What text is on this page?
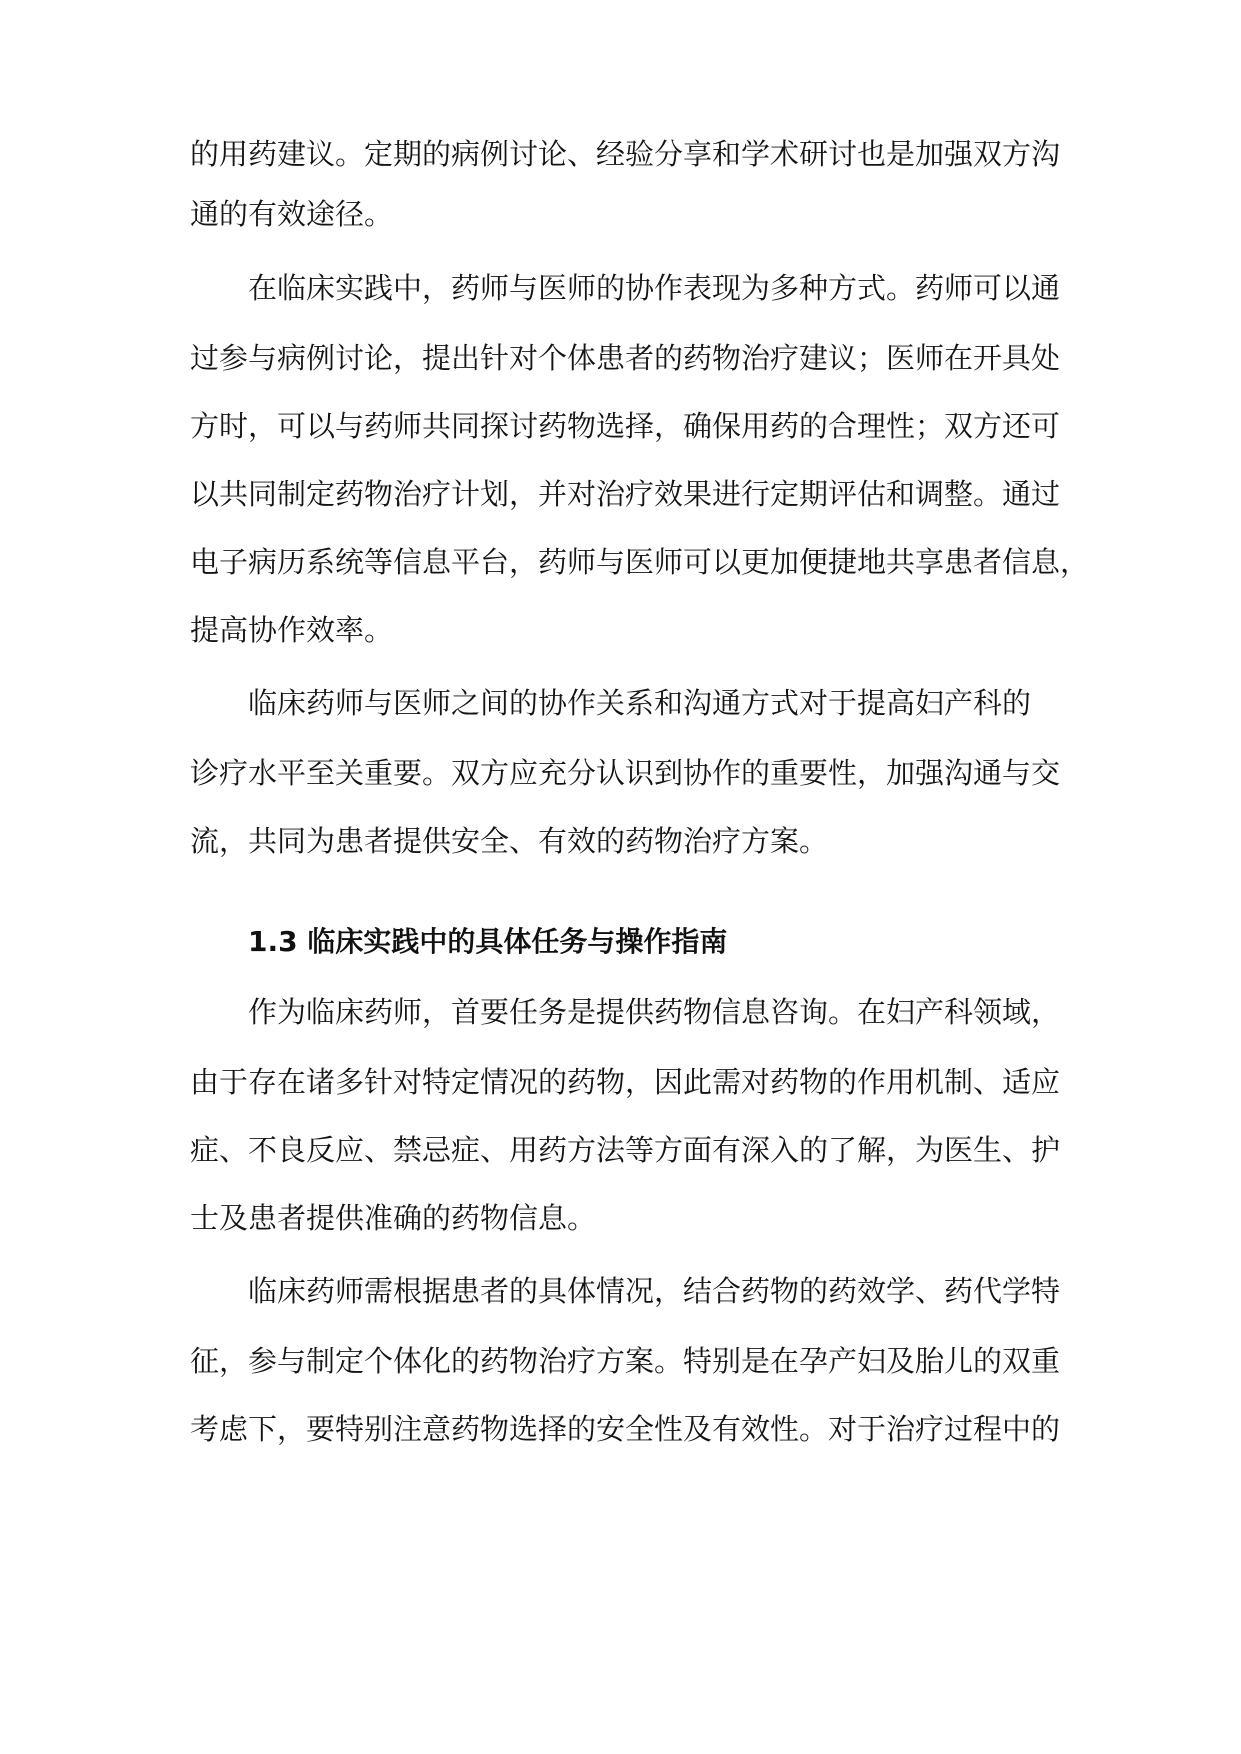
的用药建议。定期的病例讨论、经验分享和学术研讨也是加强双方沟

通的有效途径。

在临床实践中，药师与医师的协作表现为多种方式。药师可以通

过参与病例讨论，提出针对个体患者的药物治疗建议；医师在开具处

方时，可以与药师共同探讨药物选择，确保用药的合理性；双方还可

以共同制定药物治疗计划，并对治疗效果进行定期评估和调整。通过

电子病历系统等信息平台，药师与医师可以更加便捷地共享患者信息，

提高协作效率。

临床药师与医师之间的协作关系和沟通方式对于提高妇产科的

诊疗水平至关重要。双方应充分认识到协作的重要性，加强沟通与交

流，共同为患者提供安全、有效的药物治疗方案。

1.3 临床实践中的具体任务与操作指南

作为临床药师，首要任务是提供药物信息咨询。在妇产科领域，

由于存在诸多针对特定情况的药物，因此需对药物的作用机制、适应

症、不良反应、禁忌症、用药方法等方面有深入的了解，为医生、护

士及患者提供准确的药物信息。

临床药师需根据患者的具体情况，结合药物的药效学、药代学特

征，参与制定个体化的药物治疗方案。特别是在孕产妇及胎儿的双重

考虑下，要特别注意药物选择的安全性及有效性。对于治疗过程中的
